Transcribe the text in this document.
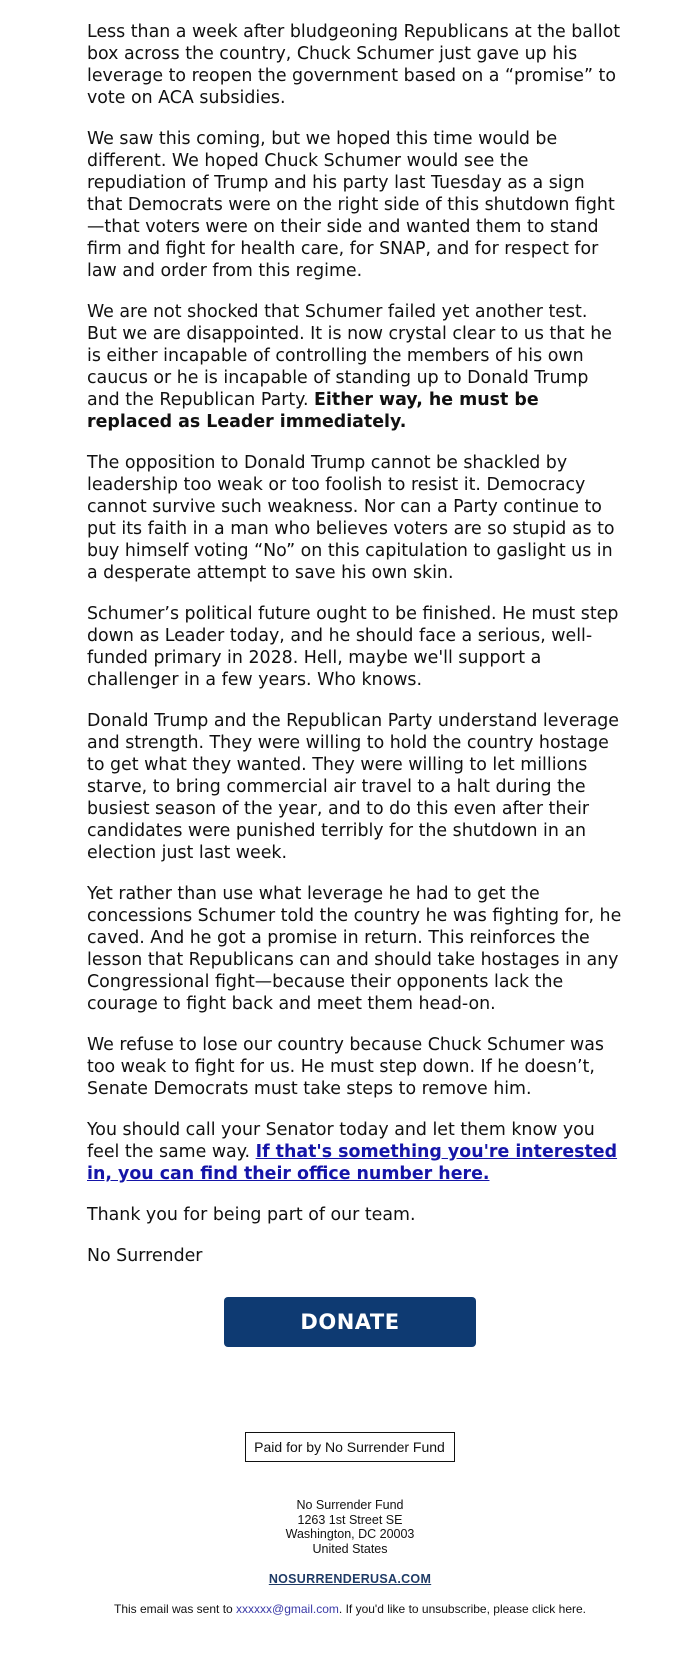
Less than a week after bludgeoning Republicans at the ballot box across the country, Chuck Schumer just gave up his leverage to reopen the government based on a “promise” to vote on ACA subsidies.

We saw this coming, but we hoped this time would be different. We hoped Chuck Schumer would see the repudiation of Trump and his party last Tuesday as a sign that Democrats were on the right side of this shutdown fight—that voters were on their side and wanted them to stand firm and fight for health care, for SNAP, and for respect for law and order from this regime.

We are not shocked that Schumer failed yet another test. But we are disappointed. It is now crystal clear to us that he is either incapable of controlling the members of his own caucus or he is incapable of standing up to Donald Trump and the Republican Party. Either way, he must be replaced as Leader immediately.

The opposition to Donald Trump cannot be shackled by leadership too weak or too foolish to resist it. Democracy cannot survive such weakness. Nor can a Party continue to put its faith in a man who believes voters are so stupid as to buy himself voting “No” on this capitulation to gaslight us in a desperate attempt to save his own skin.

Schumer’s political future ought to be finished. He must step down as Leader today, and he should face a serious, well-funded primary in 2028. Hell, maybe we'll support a challenger in a few years. Who knows.

Donald Trump and the Republican Party understand leverage and strength. They were willing to hold the country hostage to get what they wanted. They were willing to let millions starve, to bring commercial air travel to a halt during the busiest season of the year, and to do this even after their candidates were punished terribly for the shutdown in an election just last week.

Yet rather than use what leverage he had to get the concessions Schumer told the country he was fighting for, he caved. And he got a promise in return. This reinforces the lesson that Republicans can and should take hostages in any Congressional fight—because their opponents lack the courage to fight back and meet them head-on.

We refuse to lose our country because Chuck Schumer was too weak to fight for us. He must step down. If he doesn’t, Senate Democrats must take steps to remove him.

You should call your Senator today and let them know you feel the same way. If that's something you're interested in, you can find their office number here.

Thank you for being part of our team.

No Surrender

DONATE
Paid for by No Surrender Fund
No Surrender Fund
1263 1st Street SE
Washington, DC 20003
United States
NOSURRENDERUSA.COM
This email was sent to xxxxxx@gmail.com. If you'd like to unsubscribe, please click here.
